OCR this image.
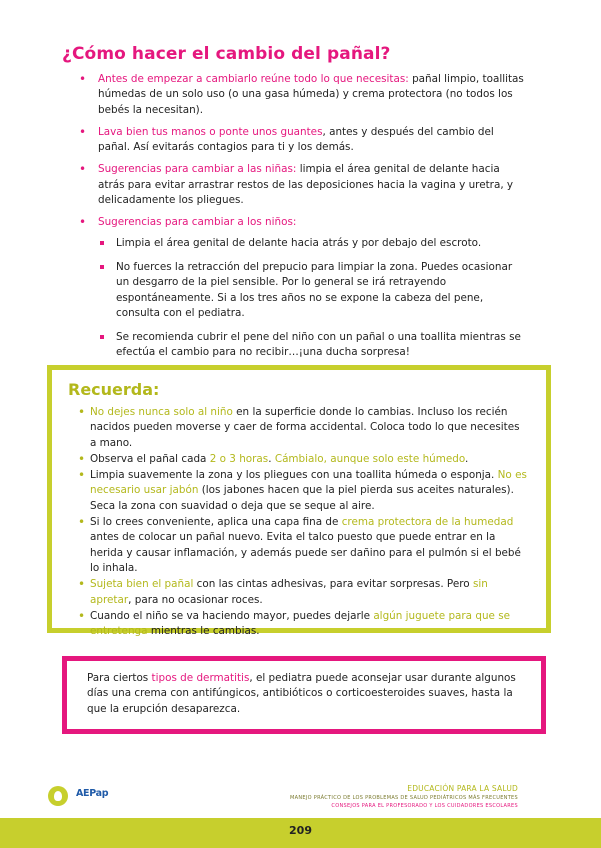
¿Cómo hacer el cambio del pañal?
• Antes de empezar a cambiarlo reúne todo lo que necesitas: pañal limpio, toallitas húmedas de un solo uso (o una gasa húmeda) y crema protectora (no todos los bebés la necesitan).
• Lava bien tus manos o ponte unos guantes, antes y después del cambio del pañal. Así evitarás contagios para ti y los demás.
• Sugerencias para cambiar a las niñas: limpia el área genital de delante hacia atrás para evitar arrastrar restos de las deposiciones hacia la vagina y uretra, y delicadamente los pliegues.
• Sugerencias para cambiar a los niños:
Limpia el área genital de delante hacia atrás y por debajo del escroto.
No fuerces la retracción del prepucio para limpiar la zona. Puedes ocasionar un desgarro de la piel sensible. Por lo general se irá retrayendo espontáneamente. Si a los tres años no se expone la cabeza del pene, consulta con el pediatra.
Se recomienda cubrir el pene del niño con un pañal o una toallita mientras se efectúa el cambio para no recibir…¡una ducha sorpresa!
Recuerda:
• No dejes nunca solo al niño en la superficie donde lo cambias. Incluso los recién nacidos pueden moverse y caer de forma accidental. Coloca todo lo que necesites a mano.
• Observa el pañal cada 2 o 3 horas. Cámbialo, aunque solo este húmedo.
• Limpia suavemente la zona y los pliegues con una toallita húmeda o esponja. No es necesario usar jabón (los jabones hacen que la piel pierda sus aceites naturales). Seca la zona con suavidad o deja que se seque al aire.
• Si lo crees conveniente, aplica una capa fina de crema protectora de la humedad antes de colocar un pañal nuevo. Evita el talco puesto que puede entrar en la herida y causar inflamación, y además puede ser dañino para el pulmón si el bebé lo inhala.
• Sujeta bien el pañal con las cintas adhesivas, para evitar sorpresas. Pero sin apretar, para no ocasionar roces.
• Cuando el niño se va haciendo mayor, puedes dejarle algún juguete para que se entretenga mientras le cambias.

Para ciertos tipos de dermatitis, el pediatra puede aconsejar usar durante algunos días una crema con antifúngicos, antibióticos o corticoesteroides suaves, hasta la que la erupción desaparezca.

AEPap	EDUCACIÓN PARA LA SALUD
MANEJO PRÁCTICO DE LOS PROBLEMAS DE SALUD PEDIÁTRICOS MÁS FRECUENTES
CONSEJOS PARA EL PROFESORADO Y LOS CUIDADORES ESCOLARES
209
